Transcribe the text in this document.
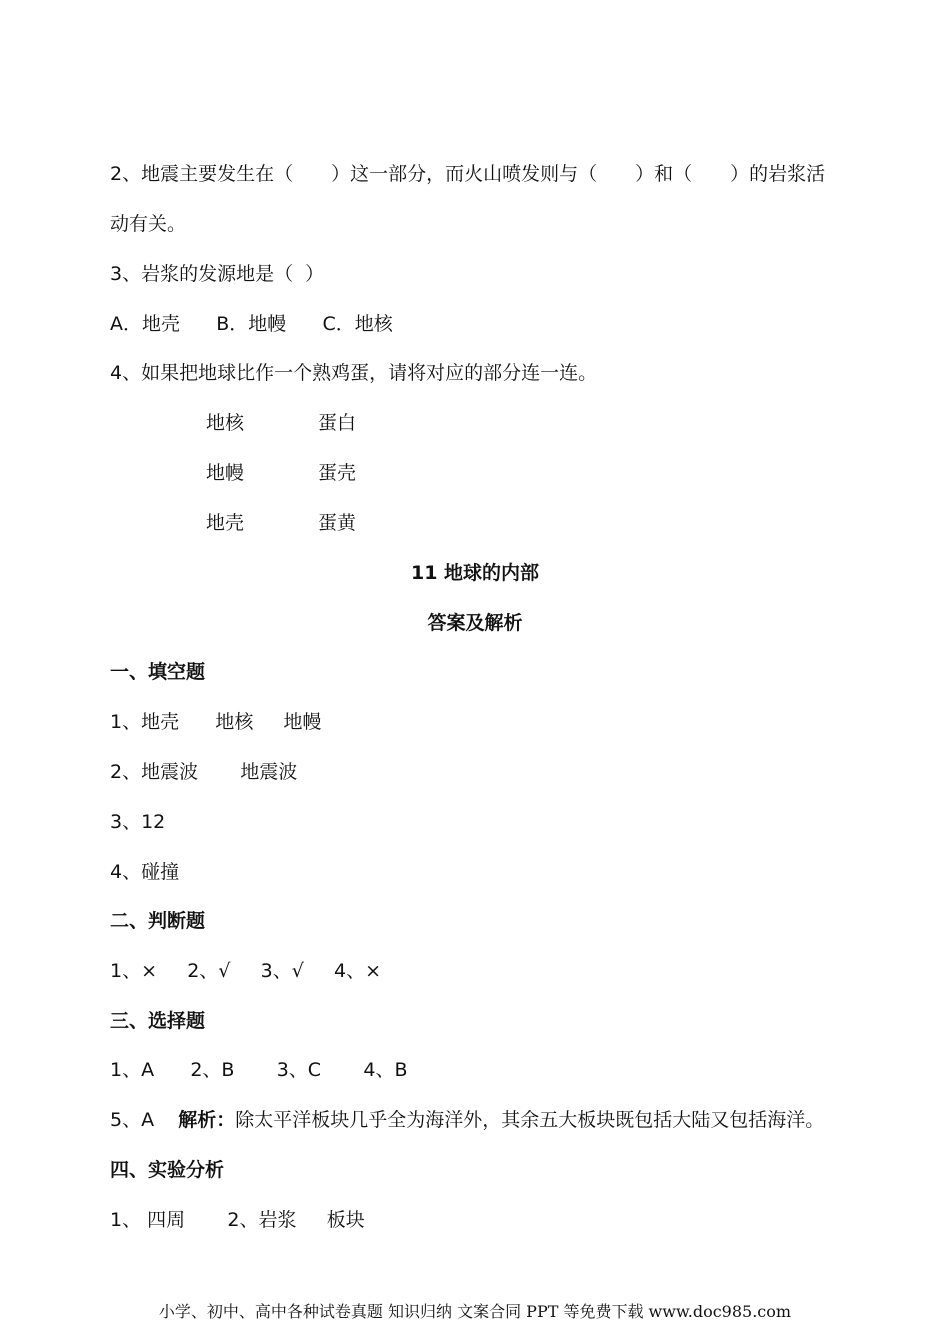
2、地震主要发生在（　　）这一部分，而火山喷发则与（　　）和（　　）的岩浆活
动有关。
3、岩浆的发源地是（  ）
A．地壳      B．地幔      C．地核
4、如果把地球比作一个熟鸡蛋，请将对应的部分连一连。
地核	蛋白
地幔	蛋壳
地壳	蛋黄
11 地球的内部
答案及解析
一、填空题
1、地壳      地核     地幔
2、地震波       地震波
3、12
4、碰撞
二、判断题
1、×     2、√     3、√     4、×
三、选择题
1、A      2、B       3、C       4、B
5、A    解析：除太平洋板块几乎全为海洋外，其余五大板块既包括大陆又包括海洋。
四、实验分析
1、 四周       2、岩浆     板块
小学、初中、高中各种试卷真题 知识归纳 文案合同 PPT 等免费下载 www.doc985.com
